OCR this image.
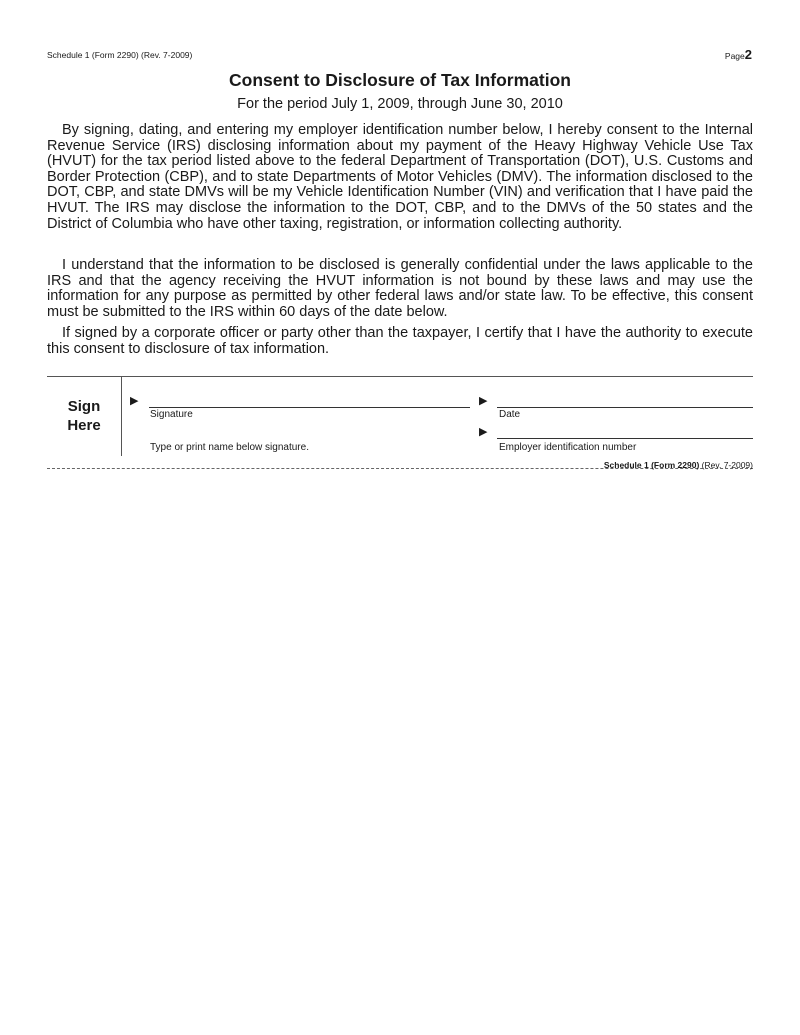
Schedule 1 (Form 2290) (Rev. 7-2009)	Page2
Consent to Disclosure of Tax Information
For the period July 1, 2009, through June 30, 2010

By signing, dating, and entering my employer identification number below, I hereby consent to the Internal Revenue Service (IRS) disclosing information about my payment of the Heavy Highway Vehicle Use Tax (HVUT) for the tax period listed above to the federal Department of Transportation (DOT), U.S. Customs and Border Protection (CBP), and to state Departments of Motor Vehicles (DMV). The information disclosed to the DOT, CBP, and state DMVs will be my Vehicle Identification Number (VIN) and verification that I have paid the HVUT. The IRS may disclose the information to the DOT, CBP, and to the DMVs of the 50 states and the District of Columbia who have other taxing, registration, or information collecting authority.

I understand that the information to be disclosed is generally confidential under the laws applicable to the IRS and that the agency receiving the HVUT information is not bound by these laws and may use the information for any purpose as permitted by other federal laws and/or state law. To be effective, this consent must be submitted to the IRS within 60 days of the date below.

If signed by a corporate officer or party other than the taxpayer, I certify that I have the authority to execute this consent to disclosure of tax information.

Sign
Here
▶
Signature
▶
Date
▶
Employer identification number
Type or print name below signature.
Schedule 1 (Form 2290) (Rev. 7-2009)
